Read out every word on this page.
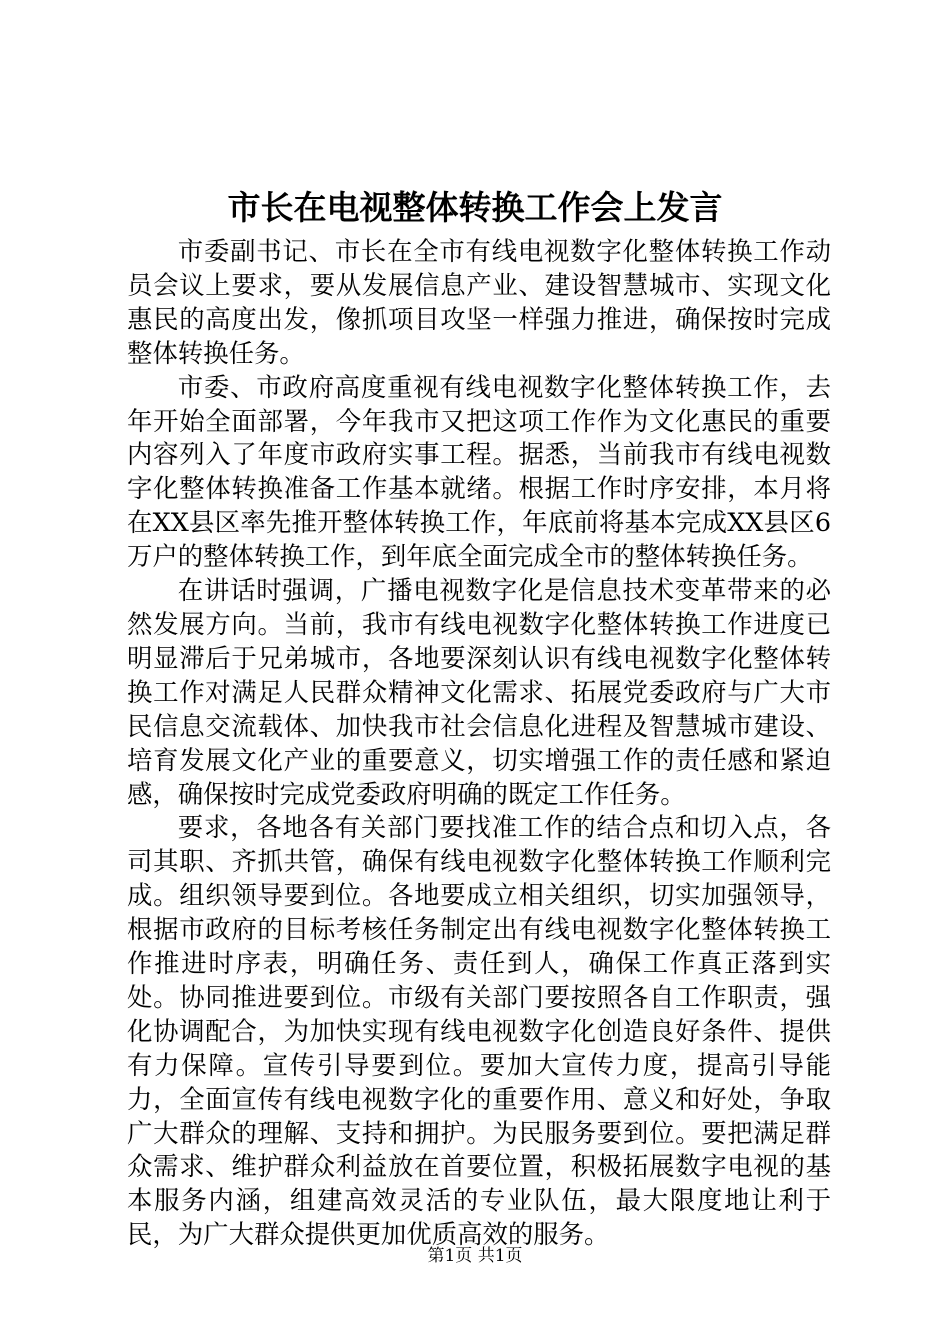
市长在电视整体转换工作会上发言

市委副书记、市长在全市有线电视数字化整体转换工作动员会议上要求，要从发展信息产业、建设智慧城市、实现文化惠民的高度出发，像抓项目攻坚一样强力推进，确保按时完成整体转换任务。

市委、市政府高度重视有线电视数字化整体转换工作，去年开始全面部署，今年我市又把这项工作作为文化惠民的重要内容列入了年度市政府实事工程。据悉，当前我市有线电视数字化整体转换准备工作基本就绪。根据工作时序安排，本月将在XX县区率先推开整体转换工作，年底前将基本完成XX县区6万户的整体转换工作，到年底全面完成全市的整体转换任务。

在讲话时强调，广播电视数字化是信息技术变革带来的必然发展方向。当前，我市有线电视数字化整体转换工作进度已明显滞后于兄弟城市，各地要深刻认识有线电视数字化整体转换工作对满足人民群众精神文化需求、拓展党委政府与广大市民信息交流载体、加快我市社会信息化进程及智慧城市建设、培育发展文化产业的重要意义，切实增强工作的责任感和紧迫感，确保按时完成党委政府明确的既定工作任务。

要求，各地各有关部门要找准工作的结合点和切入点，各司其职、齐抓共管，确保有线电视数字化整体转换工作顺利完成。组织领导要到位。各地要成立相关组织，切实加强领导，根据市政府的目标考核任务制定出有线电视数字化整体转换工作推进时序表，明确任务、责任到人，确保工作真正落到实处。协同推进要到位。市级有关部门要按照各自工作职责，强化协调配合，为加快实现有线电视数字化创造良好条件、提供有力保障。宣传引导要到位。要加大宣传力度，提高引导能力，全面宣传有线电视数字化的重要作用、意义和好处，争取广大群众的理解、支持和拥护。为民服务要到位。要把满足群众需求、维护群众利益放在首要位置，积极拓展数字电视的基本服务内涵，组建高效灵活的专业队伍，最大限度地让利于民，为广大群众提供更加优质高效的服务。

第1页 共1页
